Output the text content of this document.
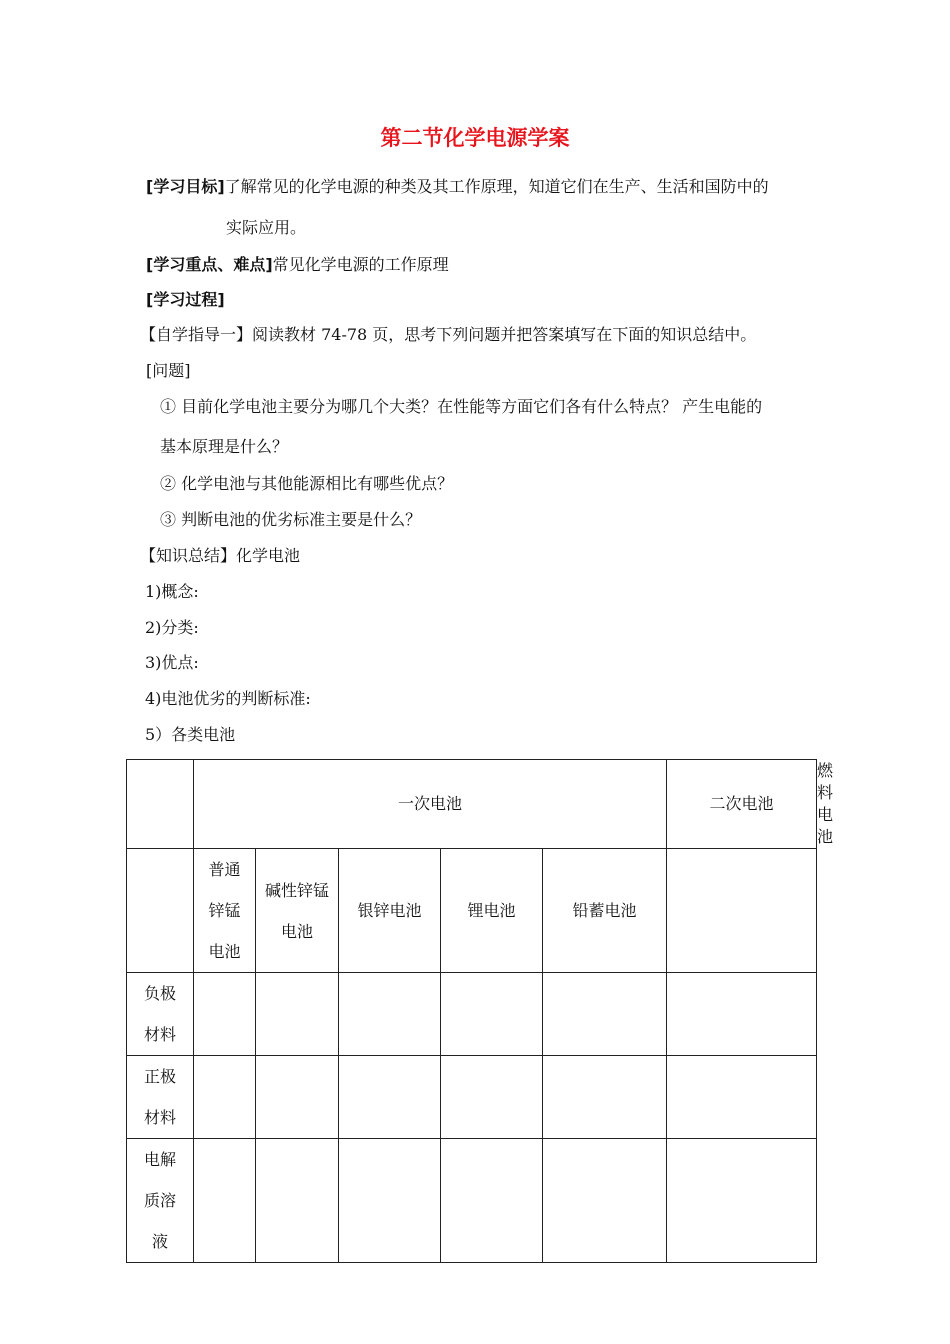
第二节化学电源学案
[学习目标]了解常见的化学电源的种类及其工作原理，知道它们在生产、生活和国防中的
实际应用。
[学习重点、难点]常见化学电源的工作原理
[学习过程]
【自学指导一】阅读教材 74-78 页，思考下列问题并把答案填写在下面的知识总结中。
[问题]
① 目前化学电池主要分为哪几个大类？在性能等方面它们各有什么特点？ 产生电能的
基本原理是什么？
② 化学电池与其他能源相比有哪些优点？
③ 判断电池的优劣标准主要是什么？
【知识总结】化学电池
1)概念:
2)分类:
3)优点:
4)电池优劣的判断标准:
5）各类电池
	一次电池					二次电池	燃料电池
	普通锌锰电池	碱性锌锰电池	银锌电池	锂电池	铅蓄电池		
负极材料							
正极材料							
电解质溶液							
